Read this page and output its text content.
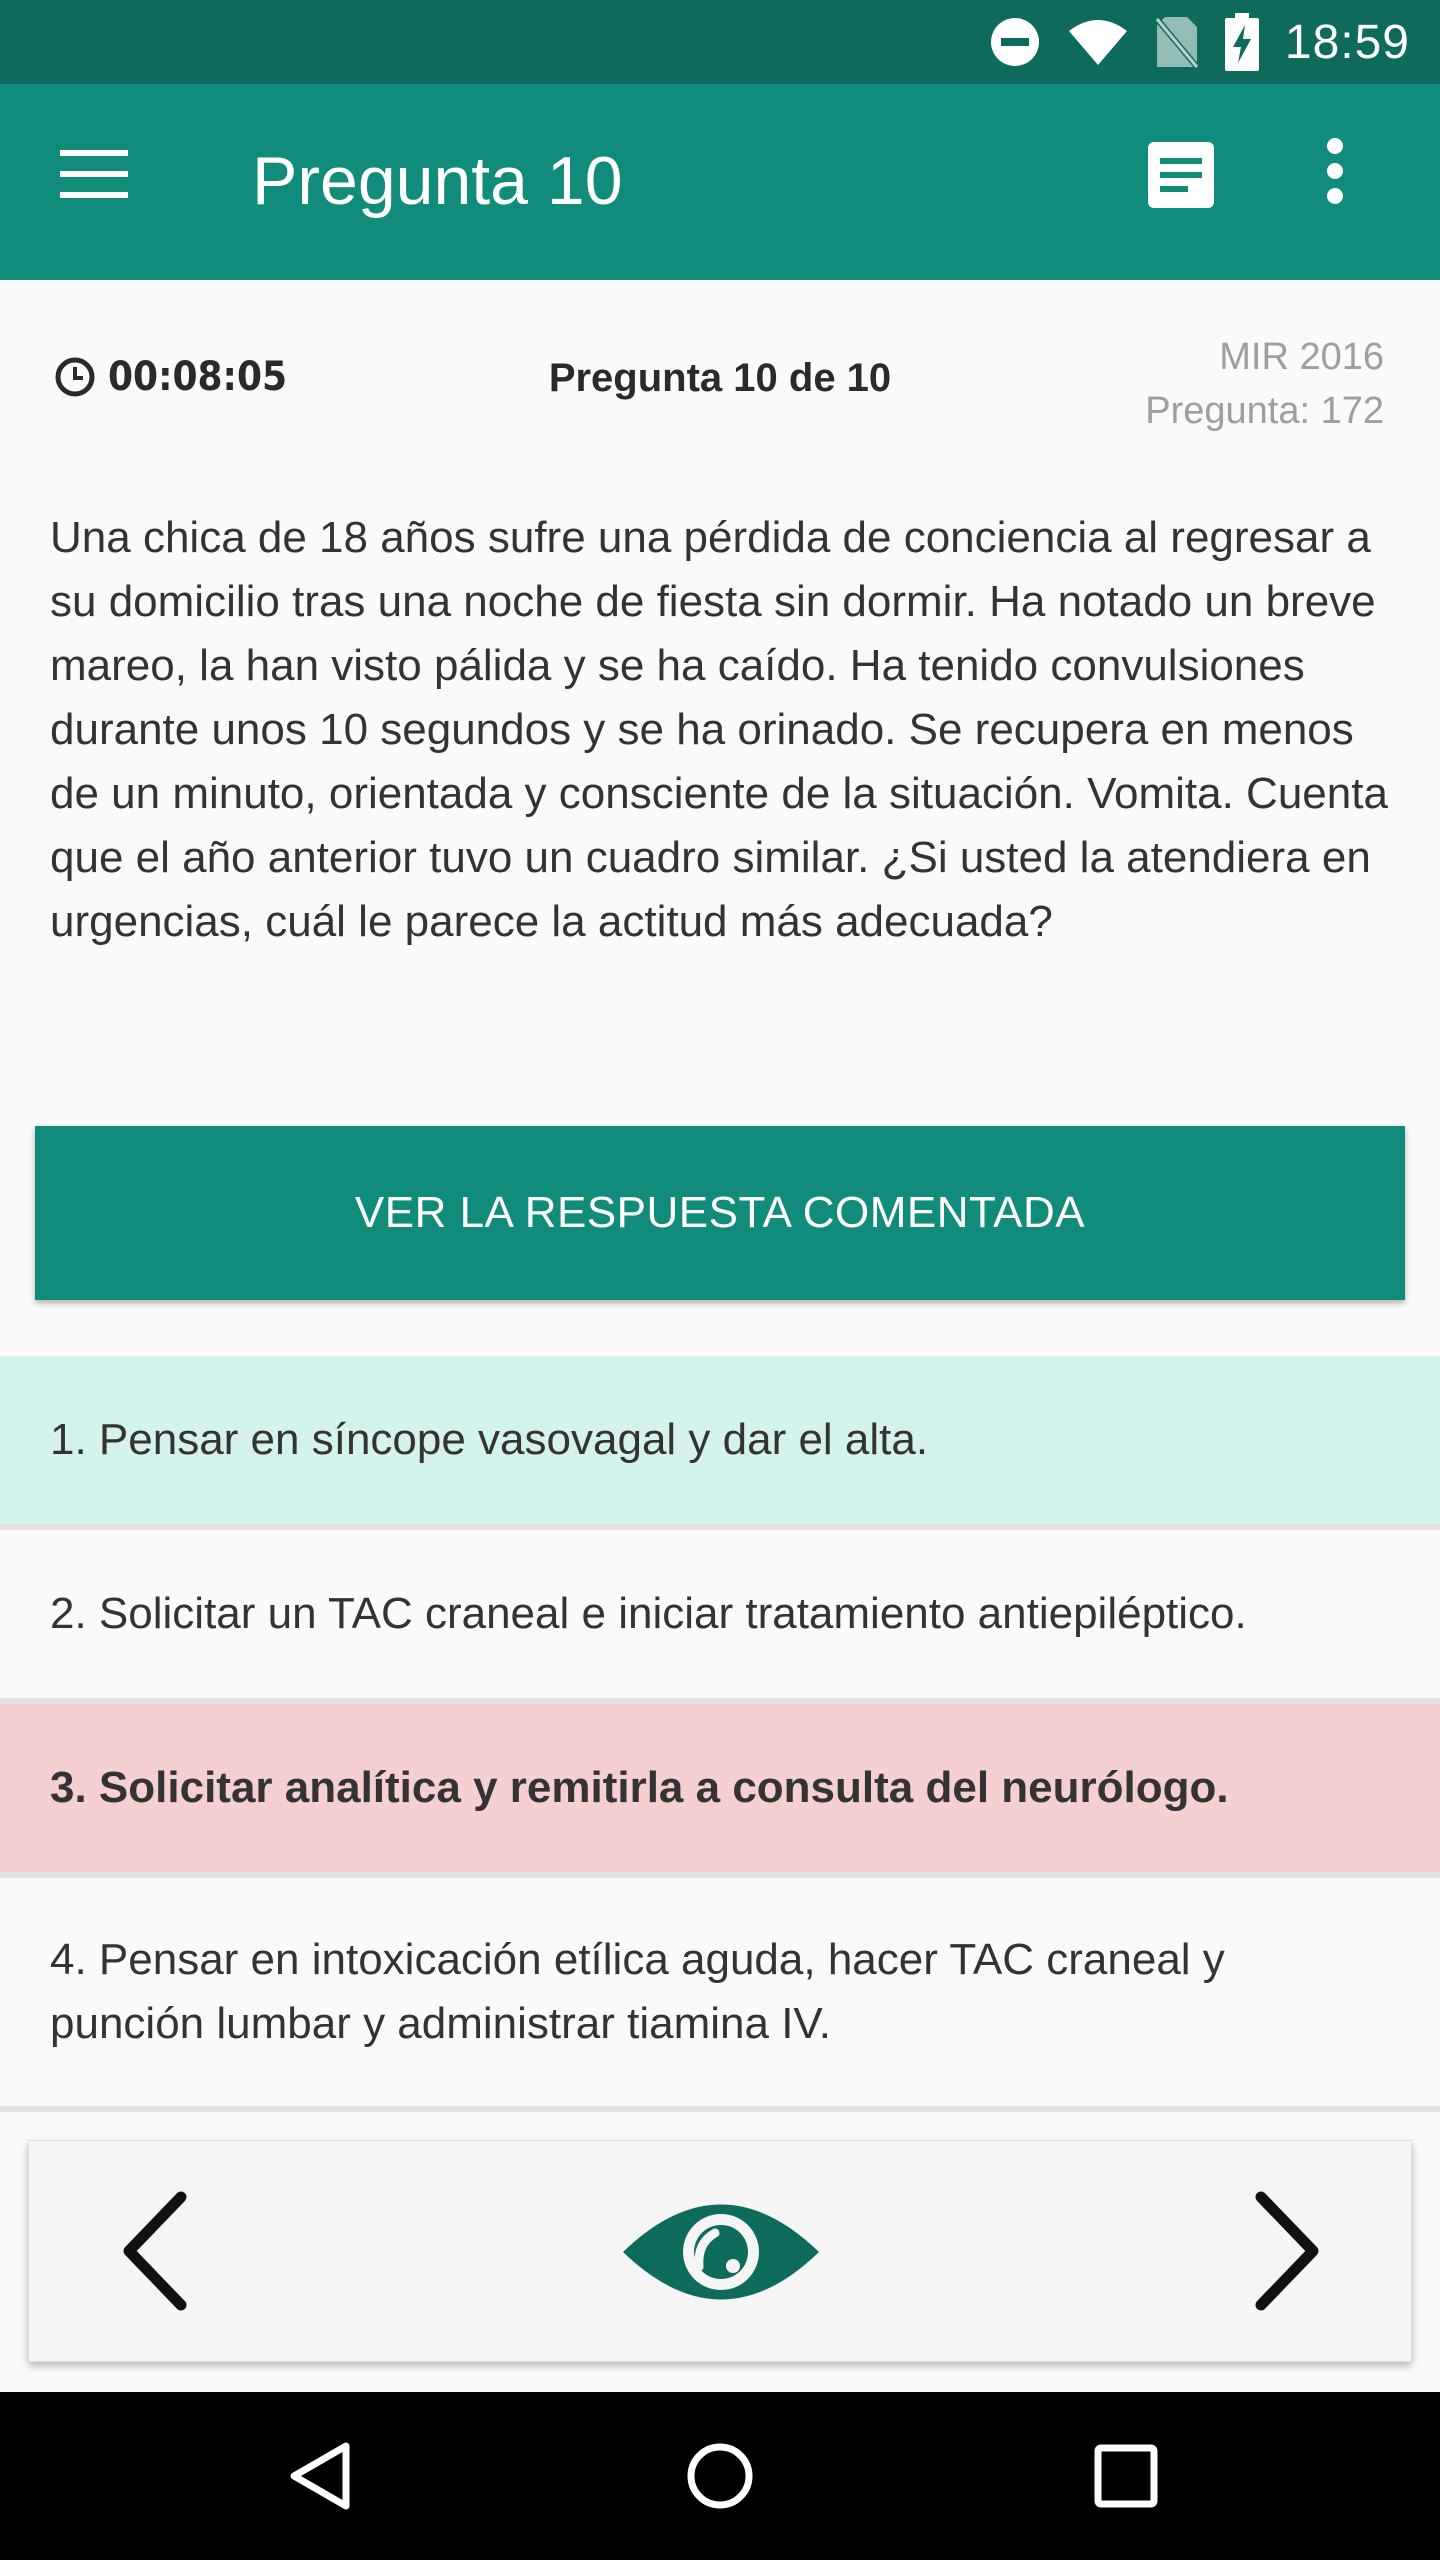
18:59
Pregunta 10
00:08:05	Pregunta 10 de 10	MIR 2016
Pregunta: 172
Una chica de 18 años sufre una pérdida de conciencia al regresar a su domicilio tras una noche de fiesta sin dormir. Ha notado un breve mareo, la han visto pálida y se ha caído. Ha tenido convulsiones durante unos 10 segundos y se ha orinado. Se recupera en menos de un minuto, orientada y consciente de la situación. Vomita. Cuenta que el año anterior tuvo un cuadro similar. ¿Si usted la atendiera en urgencias, cuál le parece la actitud más adecuada?
VER LA RESPUESTA COMENTADA
1. Pensar en síncope vasovagal y dar el alta.
2. Solicitar un TAC craneal e iniciar tratamiento antiepiléptico.
3. Solicitar analítica y remitirla a consulta del neurólogo.
4. Pensar en intoxicación etílica aguda, hacer TAC craneal y punción lumbar y administrar tiamina IV.
